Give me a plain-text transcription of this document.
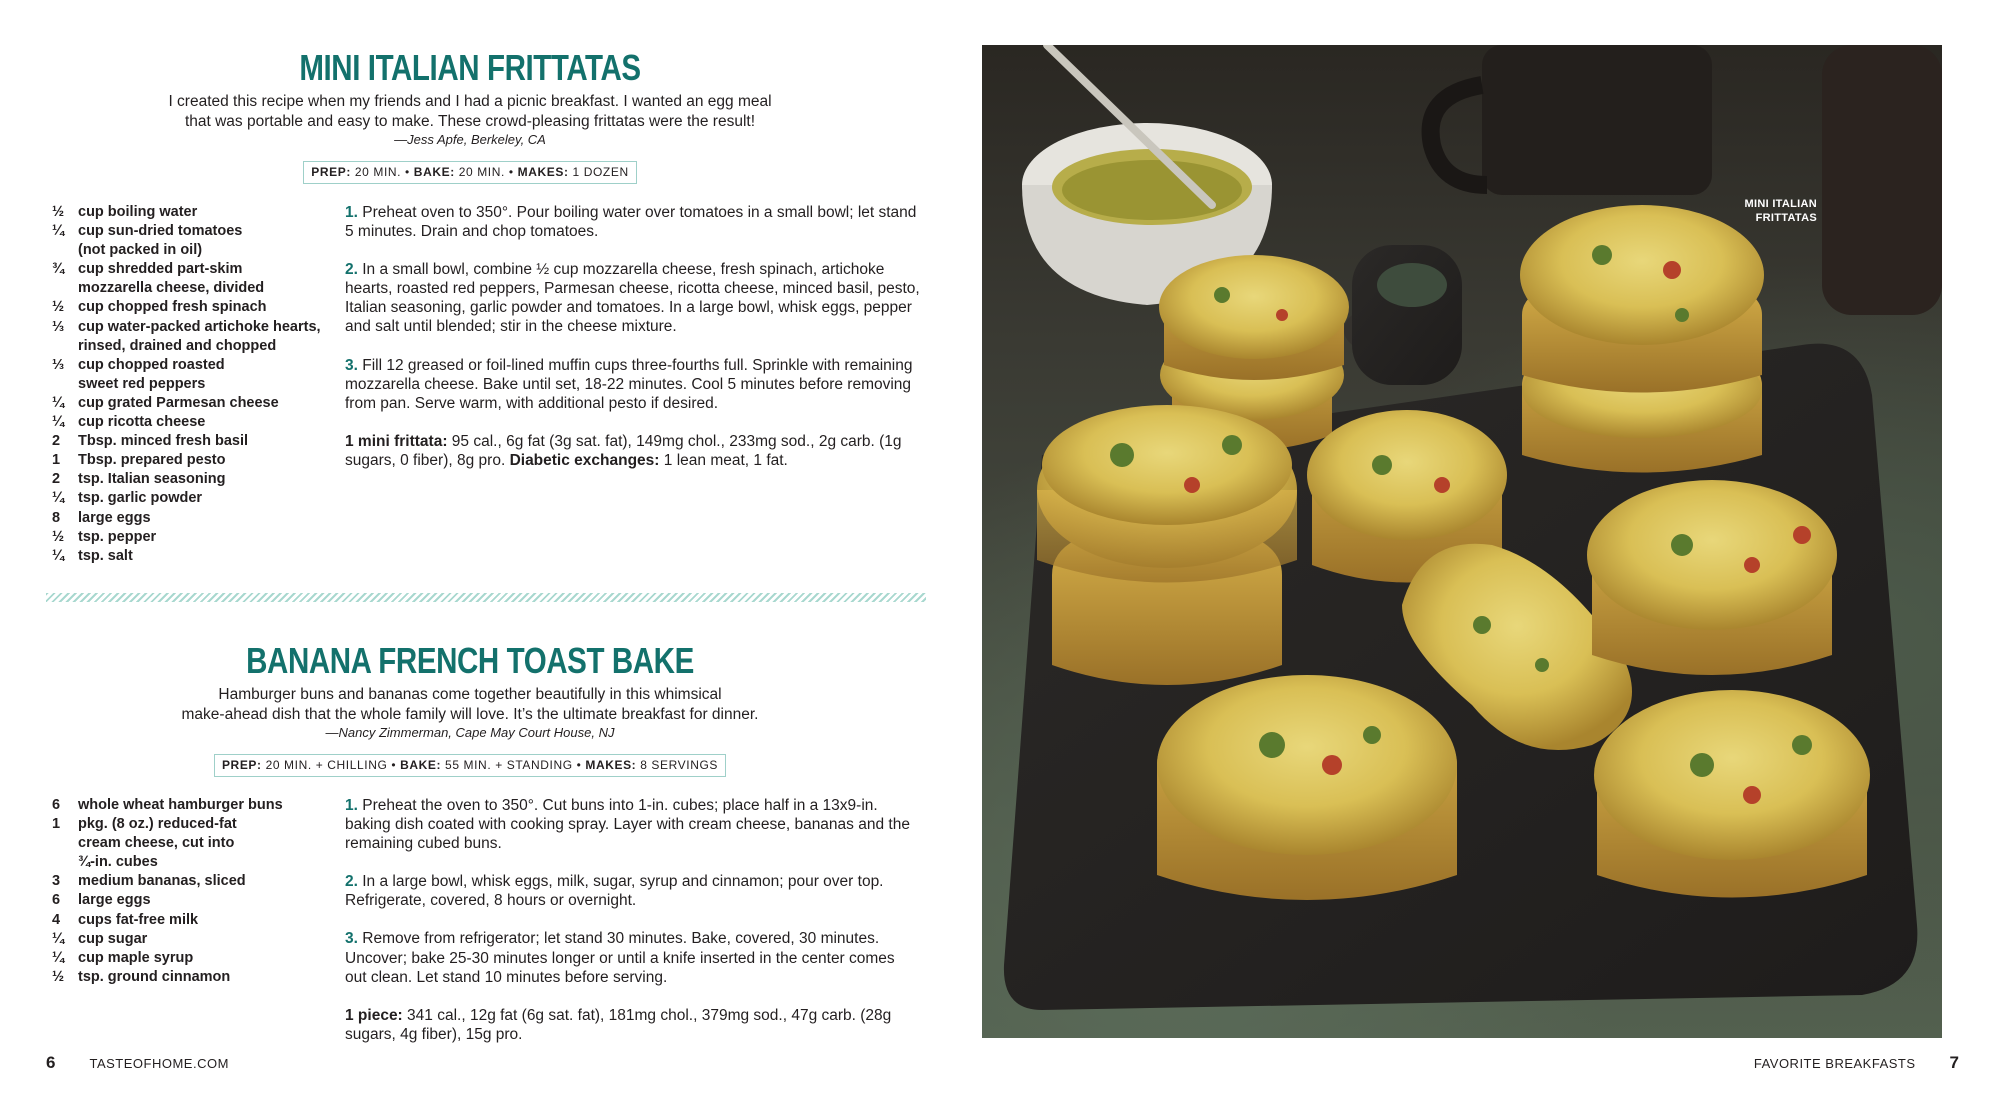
MINI ITALIAN FRITTATAS
I created this recipe when my friends and I had a picnic breakfast. I wanted an egg meal
that was portable and easy to make. These crowd-pleasing frittatas were the result!
—Jess Apfe, Berkeley, CA
PREP: 20 MIN. • BAKE: 20 MIN. • MAKES: 1 DOZEN
½ cup boiling water
¼ cup sun-dried tomatoes
(not packed in oil)
¾ cup shredded part-skim
mozzarella cheese, divided
½ cup chopped fresh spinach
⅓ cup water-packed artichoke hearts,
rinsed, drained and chopped
⅓ cup chopped roasted
sweet red peppers
¼ cup grated Parmesan cheese
¼ cup ricotta cheese
2	Tbsp. minced fresh basil
1	Tbsp. prepared pesto
2	tsp. Italian seasoning
¼ tsp. garlic powder
8	large eggs
½ tsp. pepper
¼ tsp. salt
1. Preheat oven to 350°. Pour boiling water over tomatoes in a small bowl; let stand 5 minutes. Drain and chop tomatoes.
2. In a small bowl, combine ½ cup mozzarella cheese, fresh spinach, artichoke hearts, roasted red peppers, Parmesan cheese, ricotta cheese, minced basil, pesto, Italian seasoning, garlic powder and tomatoes. In a large bowl, whisk eggs, pepper and salt until blended; stir in the cheese mixture.
3. Fill 12 greased or foil-lined muffin cups three-fourths full. Sprinkle with remaining mozzarella cheese. Bake until set, 18-22 minutes. Cool 5 minutes before removing from pan. Serve warm, with additional pesto if desired.
1 mini frittata: 95 cal., 6g fat (3g sat. fat), 149mg chol., 233mg sod., 2g carb. (1g sugars, 0 fiber), 8g pro. Diabetic exchanges: 1 lean meat, 1 fat.
BANANA FRENCH TOAST BAKE
Hamburger buns and bananas come together beautifully in this whimsical
make-ahead dish that the whole family will love. It’s the ultimate breakfast for dinner.
—Nancy Zimmerman, Cape May Court House, NJ
PREP: 20 MIN. + CHILLING • BAKE: 55 MIN. + STANDING • MAKES: 8 SERVINGS
6	whole wheat hamburger buns
1	pkg. (8 oz.) reduced-fat
cream cheese, cut into
¾-in. cubes
3	medium bananas, sliced
6	large eggs
4	cups fat-free milk
¼ cup sugar
¼ cup maple syrup
½ tsp. ground cinnamon
1. Preheat the oven to 350°. Cut buns into 1-in. cubes; place half in a 13x9-in. baking dish coated with cooking spray. Layer with cream cheese, bananas and the remaining cubed buns.
2. In a large bowl, whisk eggs, milk, sugar, syrup and cinnamon; pour over top. Refrigerate, covered, 8 hours or overnight.
3. Remove from refrigerator; let stand 30 minutes. Bake, covered, 30 minutes. Uncover; bake 25-30 minutes longer or until a knife inserted in the center comes out clean. Let stand 10 minutes before serving.
1 piece: 341 cal., 12g fat (6g sat. fat), 181mg chol., 379mg sod., 47g carb. (28g sugars, 4g fiber), 15g pro.
6	TASTEOFHOME.COM
MINI ITALIAN
FRITTATAS
FAVORITE BREAKFASTS 7
